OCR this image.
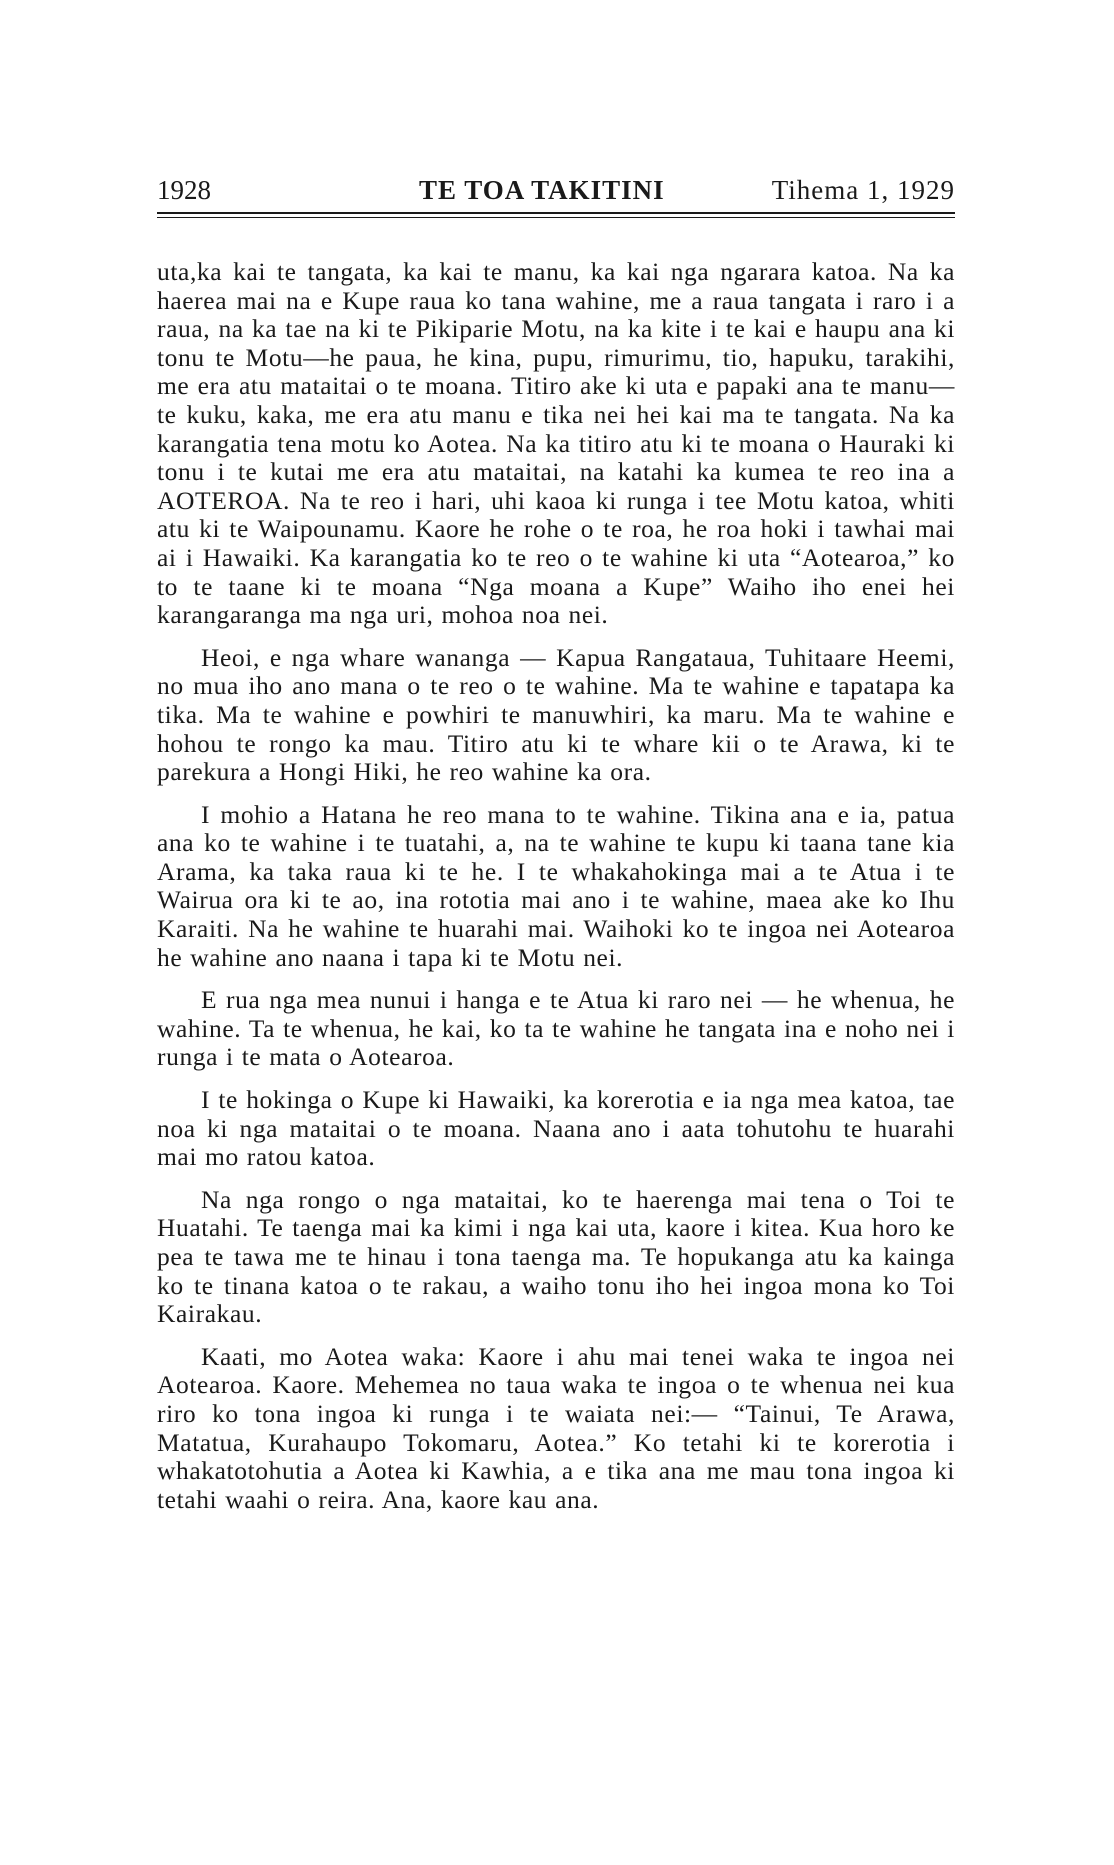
1928	TE TOA TAKITINI	Tihema 1, 1929

uta,ka kai te tangata, ka kai te manu, ka kai nga ngarara katoa. Na ka haerea mai na e Kupe raua ko tana wahine, me a raua tangata i raro i a raua, na ka tae na ki te Pikiparie Motu, na ka kite i te kai e haupu ana ki tonu te Motu—he paua, he kina, pupu, rimurimu, tio, hapuku, tarakihi, me era atu mataitai o te moana. Titiro ake ki uta e papaki ana te manu—te kuku, kaka, me era atu manu e tika nei hei kai ma te tangata. Na ka karangatia tena motu ko Aotea. Na ka titiro atu ki te moana o Hauraki ki tonu i te kutai me era atu mataitai, na katahi ka kumea te reo ina a AOTEROA. Na te reo i hari, uhi kaoa ki runga i tee Motu katoa, whiti atu ki te Waipounamu. Kaore he rohe o te roa, he roa hoki i tawhai mai ai i Hawaiki. Ka karangatia ko te reo o te wahine ki uta “Aotearoa,” ko to te taane ki te moana “Nga moana a Kupe” Waiho iho enei hei karangaranga ma nga uri, mohoa noa nei.

Heoi, e nga whare wananga — Kapua Rangataua, Tuhitaare Heemi, no mua iho ano mana o te reo o te wahine. Ma te wahine e tapatapa ka tika. Ma te wahine e powhiri te manuwhiri, ka maru. Ma te wahine e hohou te rongo ka mau. Titiro atu ki te whare kii o te Arawa, ki te parekura a Hongi Hiki, he reo wahine ka ora.

I mohio a Hatana he reo mana to te wahine. Tikina ana e ia, patua ana ko te wahine i te tuatahi, a, na te wahine te kupu ki taana tane kia Arama, ka taka raua ki te he. I te whakahokinga mai a te Atua i te Wairua ora ki te ao, ina rototia mai ano i te wahine, maea ake ko Ihu Karaiti. Na he wahine te huarahi mai. Waihoki ko te ingoa nei Aotearoa he wahine ano naana i tapa ki te Motu nei.

E rua nga mea nunui i hanga e te Atua ki raro nei — he whenua, he wahine. Ta te whenua, he kai, ko ta te wahine he tangata ina e noho nei i runga i te mata o Aotearoa.

I te hokinga o Kupe ki Hawaiki, ka korerotia e ia nga mea katoa, tae noa ki nga mataitai o te moana. Naana ano i aata tohutohu te huarahi mai mo ratou katoa.

Na nga rongo o nga mataitai, ko te haerenga mai tena o Toi te Huatahi. Te taenga mai ka kimi i nga kai uta, kaore i kitea. Kua horo ke pea te tawa me te hinau i tona taenga ma. Te hopukanga atu ka kainga ko te tinana katoa o te rakau, a waiho tonu iho hei ingoa mona ko Toi Kairakau.

Kaati, mo Aotea waka: Kaore i ahu mai tenei waka te ingoa nei Aotearoa. Kaore. Mehemea no taua waka te ingoa o te whenua nei kua riro ko tona ingoa ki runga i te waiata nei:— “Tainui, Te Arawa, Matatua, Kurahaupo Tokomaru, Aotea.” Ko tetahi ki te korerotia i whakatotohutia a Aotea ki Kawhia, a e tika ana me mau tona ingoa ki tetahi waahi o reira. Ana, kaore kau ana.
